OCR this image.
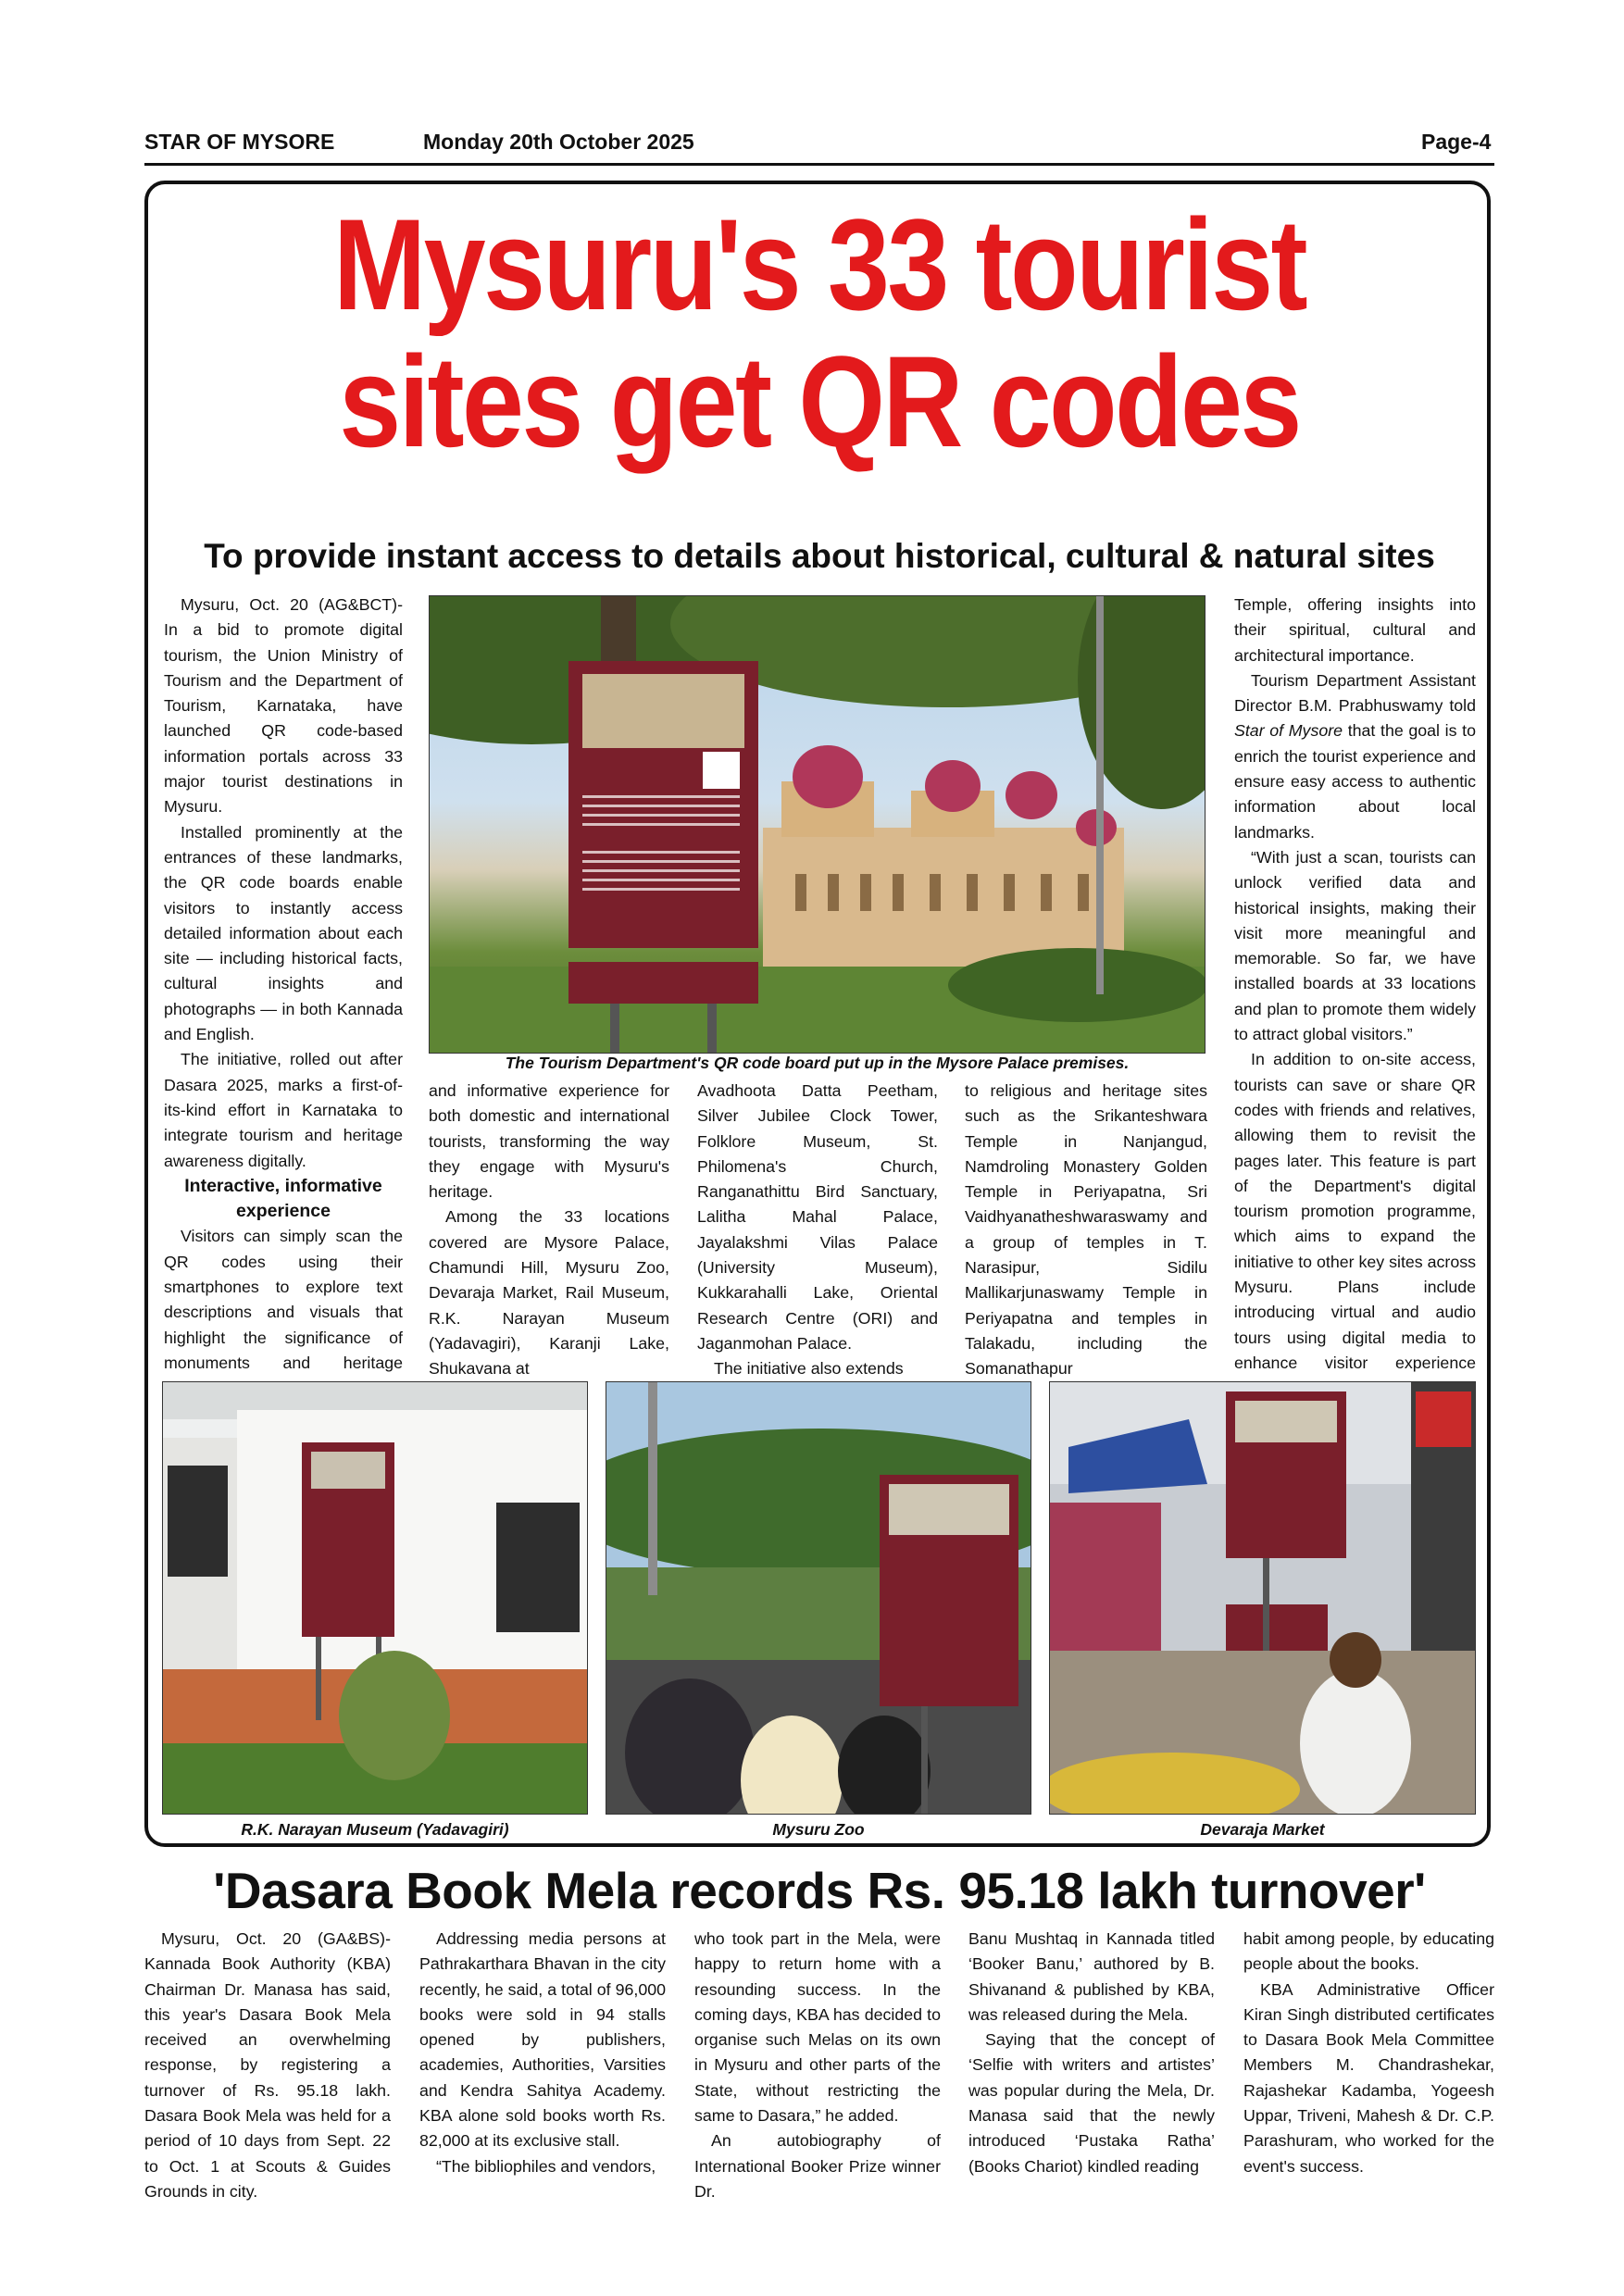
STAR OF MYSORE	Monday 20th October 2025	Page-4
Mysuru's 33 tourist
sites get QR codes
To provide instant access to details about historical, cultural & natural sites

Mysuru, Oct. 20 (AG&BCT)- In a bid to promote digital tourism, the Union Ministry of Tourism and the Department of Tourism, Karnataka, have launched QR code-based information portals across 33 major tourist destinations in Mysuru.

Installed prominently at the entrances of these landmarks, the QR code boards enable visitors to instantly access detailed information about each site — including historical facts, cultural insights and photographs — in both Kannada and English.

The initiative, rolled out after Dasara 2025, marks a first-of-its-kind effort in Karnataka to integrate tourism and heritage awareness digitally.

Interactive, informative experience

Visitors can simply scan the QR codes using their smartphones to explore text descriptions and visuals that highlight the significance of monuments and heritage

The Tourism Department's QR code board put up in the Mysore Palace premises.

and informative experience for both domestic and international tourists, transforming the way they engage with Mysuru's heritage.

Among the 33 locations covered are Mysore Palace, Chamundi Hill, Mysuru Zoo, Devaraja Market, Rail Museum, R.K. Narayan Museum (Yadavagiri), Karanji Lake, Shukavana at

Avadhoota Datta Peetham, Silver Jubilee Clock Tower, Folklore Museum, St. Philomena's Church, Ranganathittu Bird Sanctuary, Lalitha Mahal Palace, Jayalakshmi Vilas Palace (University Museum), Kukkarahalli Lake, Oriental Research Centre (ORI) and Jaganmohan Palace.

The initiative also extends

to religious and heritage sites such as the Srikanteshwara Temple in Nanjangud, Namdroling Monastery Golden Temple in Periyapatna, Sri Vaidhyanatheshwaraswamy and a group of temples in T. Narasipur, Sidilu Mallikarjunaswamy Temple in Periyapatna and temples in Talakadu, including the Somanathapur

Temple, offering insights into their spiritual, cultural and architectural importance.

Tourism Department Assistant Director B.M. Prabhuswamy told Star of Mysore that the goal is to enrich the tourist experience and ensure easy access to authentic information about local landmarks.

“With just a scan, tourists can unlock verified data and historical insights, making their visit more meaningful and memorable. So far, we have installed boards at 33 locations and plan to promote them widely to attract global visitors.”

In addition to on-site access, tourists can save or share QR codes with friends and relatives, allowing them to revisit the pages later. This feature is part of the Department's digital tourism promotion programme, which aims to expand the initiative to other key sites across Mysuru. Plans include introducing virtual and audio tours using digital media to enhance visitor experience

R.K. Narayan Museum (Yadavagiri)	Mysuru Zoo	Devaraja Market
'Dasara Book Mela records Rs. 95.18 lakh turnover'

Mysuru, Oct. 20 (GA&BS)- Kannada Book Authority (KBA) Chairman Dr. Manasa has said, this year's Dasara Book Mela received an overwhelming response, by registering a turnover of Rs. 95.18 lakh. Dasara Book Mela was held for a period of 10 days from Sept. 22 to Oct. 1 at Scouts & Guides Grounds in city.

Addressing media persons at Pathrakarthara Bhavan in the city recently, he said, a total of 96,000 books were sold in 94 stalls opened by publishers, academies, Authorities, Varsities and Kendra Sahitya Academy. KBA alone sold books worth Rs. 82,000 at its exclusive stall.

“The bibliophiles and vendors,

who took part in the Mela, were happy to return home with a resounding success. In the coming days, KBA has decided to organise such Melas on its own in Mysuru and other parts of the State, without restricting the same to Dasara,” he added.

An autobiography of International Booker Prize winner Dr.

Banu Mushtaq in Kannada titled ‘Booker Banu,’ authored by B. Shivanand & published by KBA, was released during the Mela.

Saying that the concept of ‘Selfie with writers and artistes’ was popular during the Mela, Dr. Manasa said that the newly introduced ‘Pustaka Ratha’ (Books Chariot) kindled reading

habit among people, by educating people about the books.

KBA Administrative Officer Kiran Singh distributed certificates to Dasara Book Mela Committee Members M. Chandrashekar, Rajashekar Kadamba, Yogeesh Uppar, Triveni, Mahesh & Dr. C.P. Parashuram, who worked for the event's success.
